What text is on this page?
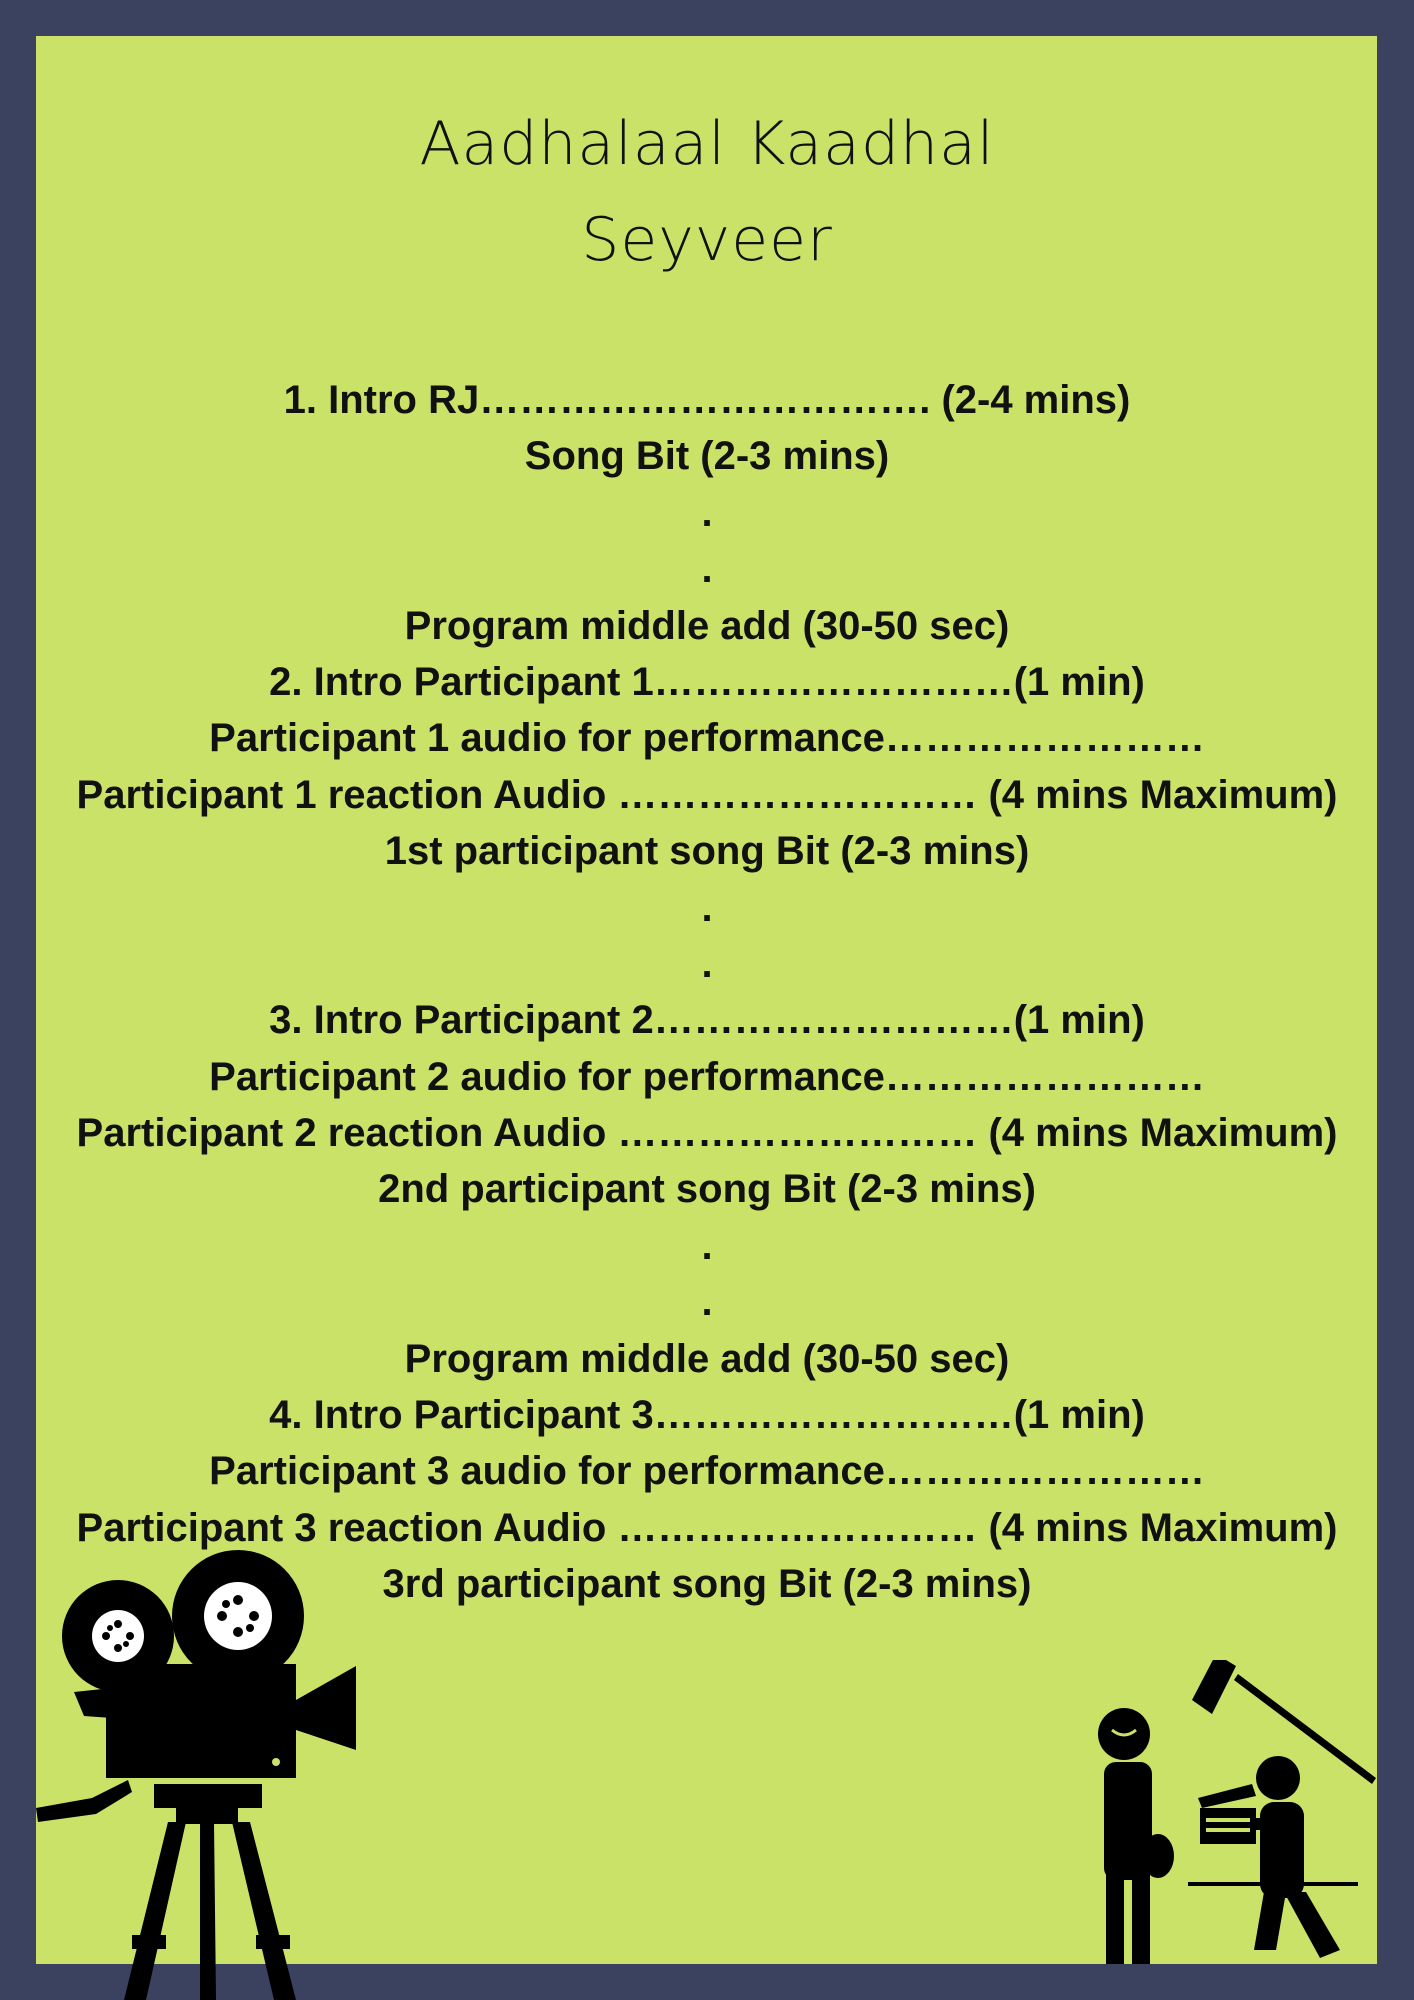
Aadhalaal Kaadhal
Seyveer
1. Intro RJ……………………………. (2-4 mins)
Song Bit (2-3 mins)
.
.
Program middle add (30-50 sec)
2. Intro Participant 1………………………(1 min)
Participant 1 audio for performance……………………
Participant 1 reaction Audio ……………………… (4 mins Maximum)
1st participant song Bit (2-3 mins)
.
.
3. Intro Participant 2………………………(1 min)
Participant 2 audio for performance……………………
Participant 2 reaction Audio ……………………… (4 mins Maximum)
2nd participant song Bit (2-3 mins)
.
.
Program middle add (30-50 sec)
4. Intro Participant 3………………………(1 min)
Participant 3 audio for performance……………………
Participant 3 reaction Audio ……………………… (4 mins Maximum)
3rd participant song Bit (2-3 mins)
